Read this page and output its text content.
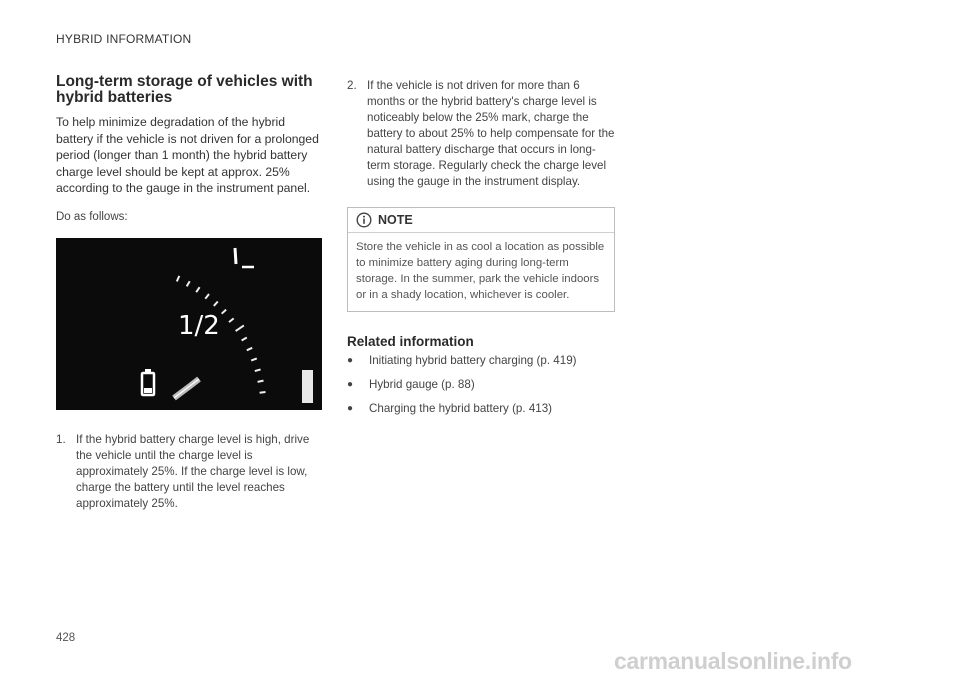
HYBRID INFORMATION
Long-term storage of vehicles with hybrid batteries

To help minimize degradation of the hybrid battery if the vehicle is not driven for a prolonged period (longer than 1 month) the hybrid battery charge level should be kept at approx. 25% according to the gauge in the instrument panel.

Do as follows:

1/2
1. If the hybrid battery charge level is high, drive the vehicle until the charge level is approximately 25%. If the charge level is low, charge the battery until the level reaches approximately 25%.
2. If the vehicle is not driven for more than 6 months or the hybrid battery's charge level is noticeably below the 25% mark, charge the battery to about 25% to help compensate for the natural battery discharge that occurs in long-term storage. Regularly check the charge level using the gauge in the instrument display.
NOTE
Store the vehicle in as cool a location as possible to minimize battery aging during long-term storage. In the summer, park the vehicle indoors or in a shady location, whichever is cooler.
Related information
●	Initiating hybrid battery charging (p. 419)
●	Hybrid gauge (p. 88)
●	Charging the hybrid battery (p. 413)
428
carmanualsonline.info
